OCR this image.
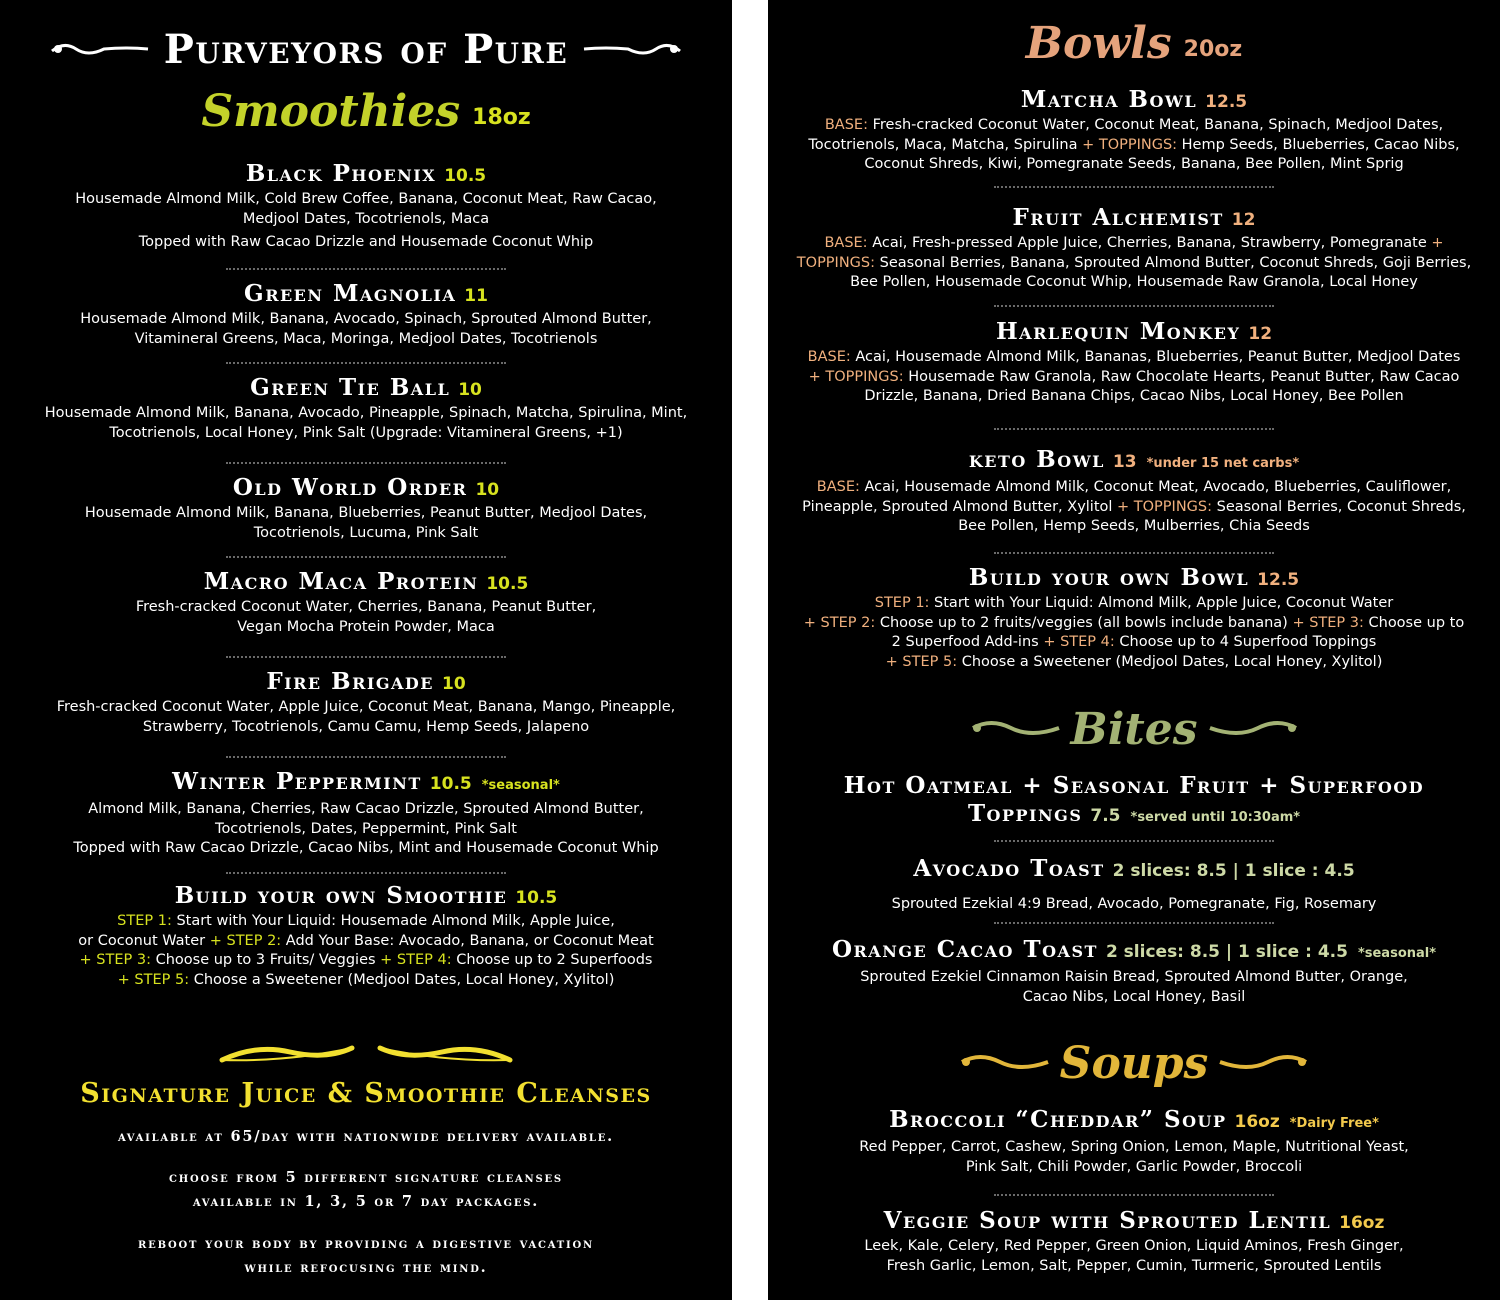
Purveyors of Pure
Smoothies 18oz
Black Phoenix 10.5
Housemade Almond Milk, Cold Brew Coffee, Banana, Coconut Meat, Raw Cacao, Medjool Dates, Tocotrienols, Maca
Topped with Raw Cacao Drizzle and Housemade Coconut Whip
Green Magnolia 11
Housemade Almond Milk, Banana, Avocado, Spinach, Sprouted Almond Butter, Vitamineral Greens, Maca, Moringa, Medjool Dates, Tocotrienols
Green Tie Ball 10
Housemade Almond Milk, Banana, Avocado, Pineapple, Spinach, Matcha, Spirulina, Mint, Tocotrienols, Local Honey, Pink Salt (Upgrade: Vitamineral Greens, +1)
Old World Order 10
Housemade Almond Milk, Banana, Blueberries, Peanut Butter, Medjool Dates, Tocotrienols, Lucuma, Pink Salt
Macro Maca Protein 10.5
Fresh-cracked Coconut Water, Cherries, Banana, Peanut Butter, Vegan Mocha Protein Powder, Maca
Fire Brigade 10
Fresh-cracked Coconut Water, Apple Juice, Coconut Meat, Banana, Mango, Pineapple, Strawberry, Tocotrienols, Camu Camu, Hemp Seeds, Jalapeno
Winter Peppermint 10.5 *seasonal*
Almond Milk, Banana, Cherries, Raw Cacao Drizzle, Sprouted Almond Butter, Tocotrienols, Dates, Peppermint, Pink Salt
Topped with Raw Cacao Drizzle, Cacao Nibs, Mint and Housemade Coconut Whip
Build your own Smoothie 10.5
STEP 1: Start with Your Liquid: Housemade Almond Milk, Apple Juice,
or Coconut Water + STEP 2: Add Your Base: Avocado, Banana, or Coconut Meat
+ STEP 3: Choose up to 3 Fruits/ Veggies + STEP 4: Choose up to 2 Superfoods
+ STEP 5: Choose a Sweetener (Medjool Dates, Local Honey, Xylitol)
Signature Juice & Smoothie Cleanses
available at 65/day with nationwide delivery available.
choose from 5 different signature cleanses
available in 1, 3, 5 or 7 day packages.
reboot your body by providing a digestive vacation
while refocusing the mind.
Bowls 20oz
Matcha Bowl 12.5
BASE: Fresh-cracked Coconut Water, Coconut Meat, Banana, Spinach, Medjool Dates, Tocotrienols, Maca, Matcha, Spirulina + TOPPINGS: Hemp Seeds, Blueberries, Cacao Nibs, Coconut Shreds, Kiwi, Pomegranate Seeds, Banana, Bee Pollen, Mint Sprig
Fruit Alchemist 12
BASE: Acai, Fresh-pressed Apple Juice, Cherries, Banana, Strawberry, Pomegranate + TOPPINGS: Seasonal Berries, Banana, Sprouted Almond Butter, Coconut Shreds, Goji Berries, Bee Pollen, Housemade Coconut Whip, Housemade Raw Granola, Local Honey
Harlequin Monkey 12
BASE: Acai, Housemade Almond Milk, Bananas, Blueberries, Peanut Butter, Medjool Dates + TOPPINGS: Housemade Raw Granola, Raw Chocolate Hearts, Peanut Butter, Raw Cacao Drizzle, Banana, Dried Banana Chips, Cacao Nibs, Local Honey, Bee Pollen
keto Bowl 13 *under 15 net carbs*
BASE: Acai, Housemade Almond Milk, Coconut Meat, Avocado, Blueberries, Cauliflower, Pineapple, Sprouted Almond Butter, Xylitol + TOPPINGS: Seasonal Berries, Coconut Shreds, Bee Pollen, Hemp Seeds, Mulberries, Chia Seeds
Build your own Bowl 12.5
STEP 1: Start with Your Liquid: Almond Milk, Apple Juice, Coconut Water
+ STEP 2: Choose up to 2 fruits/veggies (all bowls include banana) + STEP 3: Choose up to
2 Superfood Add-ins + STEP 4: Choose up to 4 Superfood Toppings
+ STEP 5: Choose a Sweetener (Medjool Dates, Local Honey, Xylitol)
Bites
Hot Oatmeal + Seasonal Fruit + Superfood
Toppings 7.5 *served until 10:30am*
Avocado Toast 2 slices: 8.5 | 1 slice : 4.5
Sprouted Ezekial 4:9 Bread, Avocado, Pomegranate, Fig, Rosemary
Orange Cacao Toast 2 slices: 8.5 | 1 slice : 4.5 *seasonal*
Sprouted Ezekiel Cinnamon Raisin Bread, Sprouted Almond Butter, Orange, Cacao Nibs, Local Honey, Basil
Soups
Broccoli “Cheddar” Soup 16oz *Dairy Free*
Red Pepper, Carrot, Cashew, Spring Onion, Lemon, Maple, Nutritional Yeast, Pink Salt, Chili Powder, Garlic Powder, Broccoli
Veggie Soup with Sprouted Lentil 16oz
Leek, Kale, Celery, Red Pepper, Green Onion, Liquid Aminos, Fresh Ginger, Fresh Garlic, Lemon, Salt, Pepper, Cumin, Turmeric, Sprouted Lentils
